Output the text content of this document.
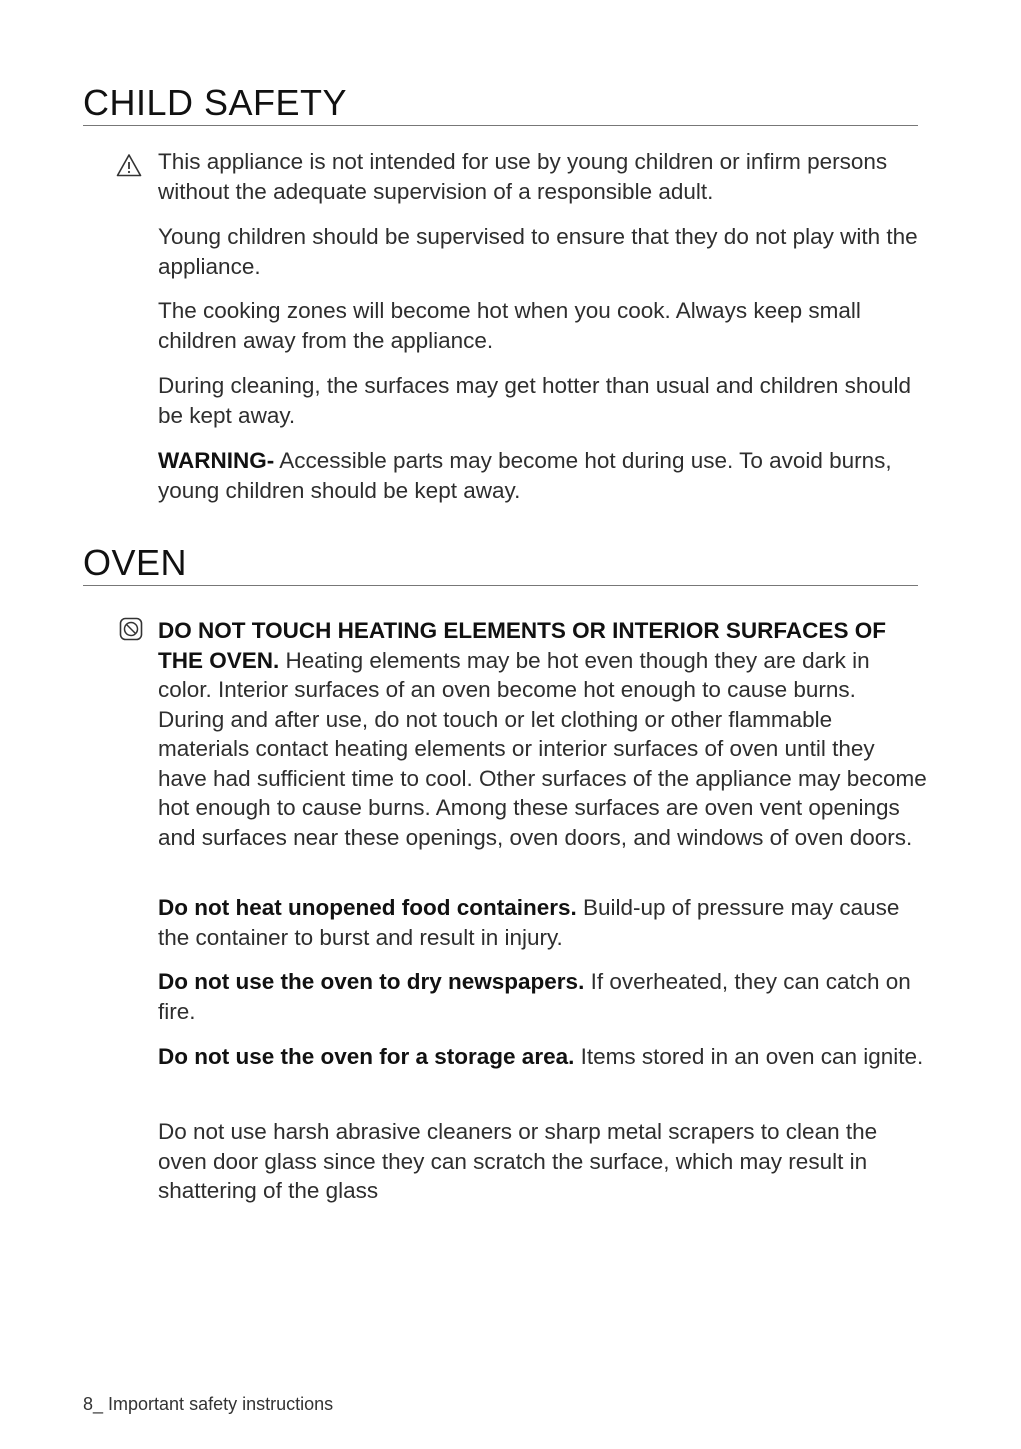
CHILD SAFETY

This appliance is not intended for use by young children or infirm persons without the adequate supervision of a responsible adult.

Young children should be supervised to ensure that they do not play with the appliance.

The cooking zones will become hot when you cook. Always keep small children away from the appliance.

During cleaning, the surfaces may get hotter than usual and children should be kept away.

WARNING- Accessible parts may become hot during use. To avoid burns, young children should be kept away.

OVEN

DO NOT TOUCH HEATING ELEMENTS OR INTERIOR SURFACES OF THE OVEN. Heating elements may be hot even though they are dark in color. Interior surfaces of an oven become hot enough to cause burns. During and after use, do not touch or let clothing or other flammable materials contact heating elements or interior surfaces of oven until they have had sufficient time to cool. Other surfaces of the appliance may become hot enough to cause burns. Among these surfaces are oven vent openings and surfaces near these openings, oven doors, and windows of oven doors.

Do not heat unopened food containers. Build-up of pressure may cause the container to burst and result in injury.

Do not use the oven to dry newspapers. If overheated, they can catch on fire.

Do not use the oven for a storage area. Items stored in an oven can ignite.

Do not use harsh abrasive cleaners or sharp metal scrapers to clean the oven door glass since they can scratch the surface, which may result in shattering of the glass

8_ Important safety instructions
